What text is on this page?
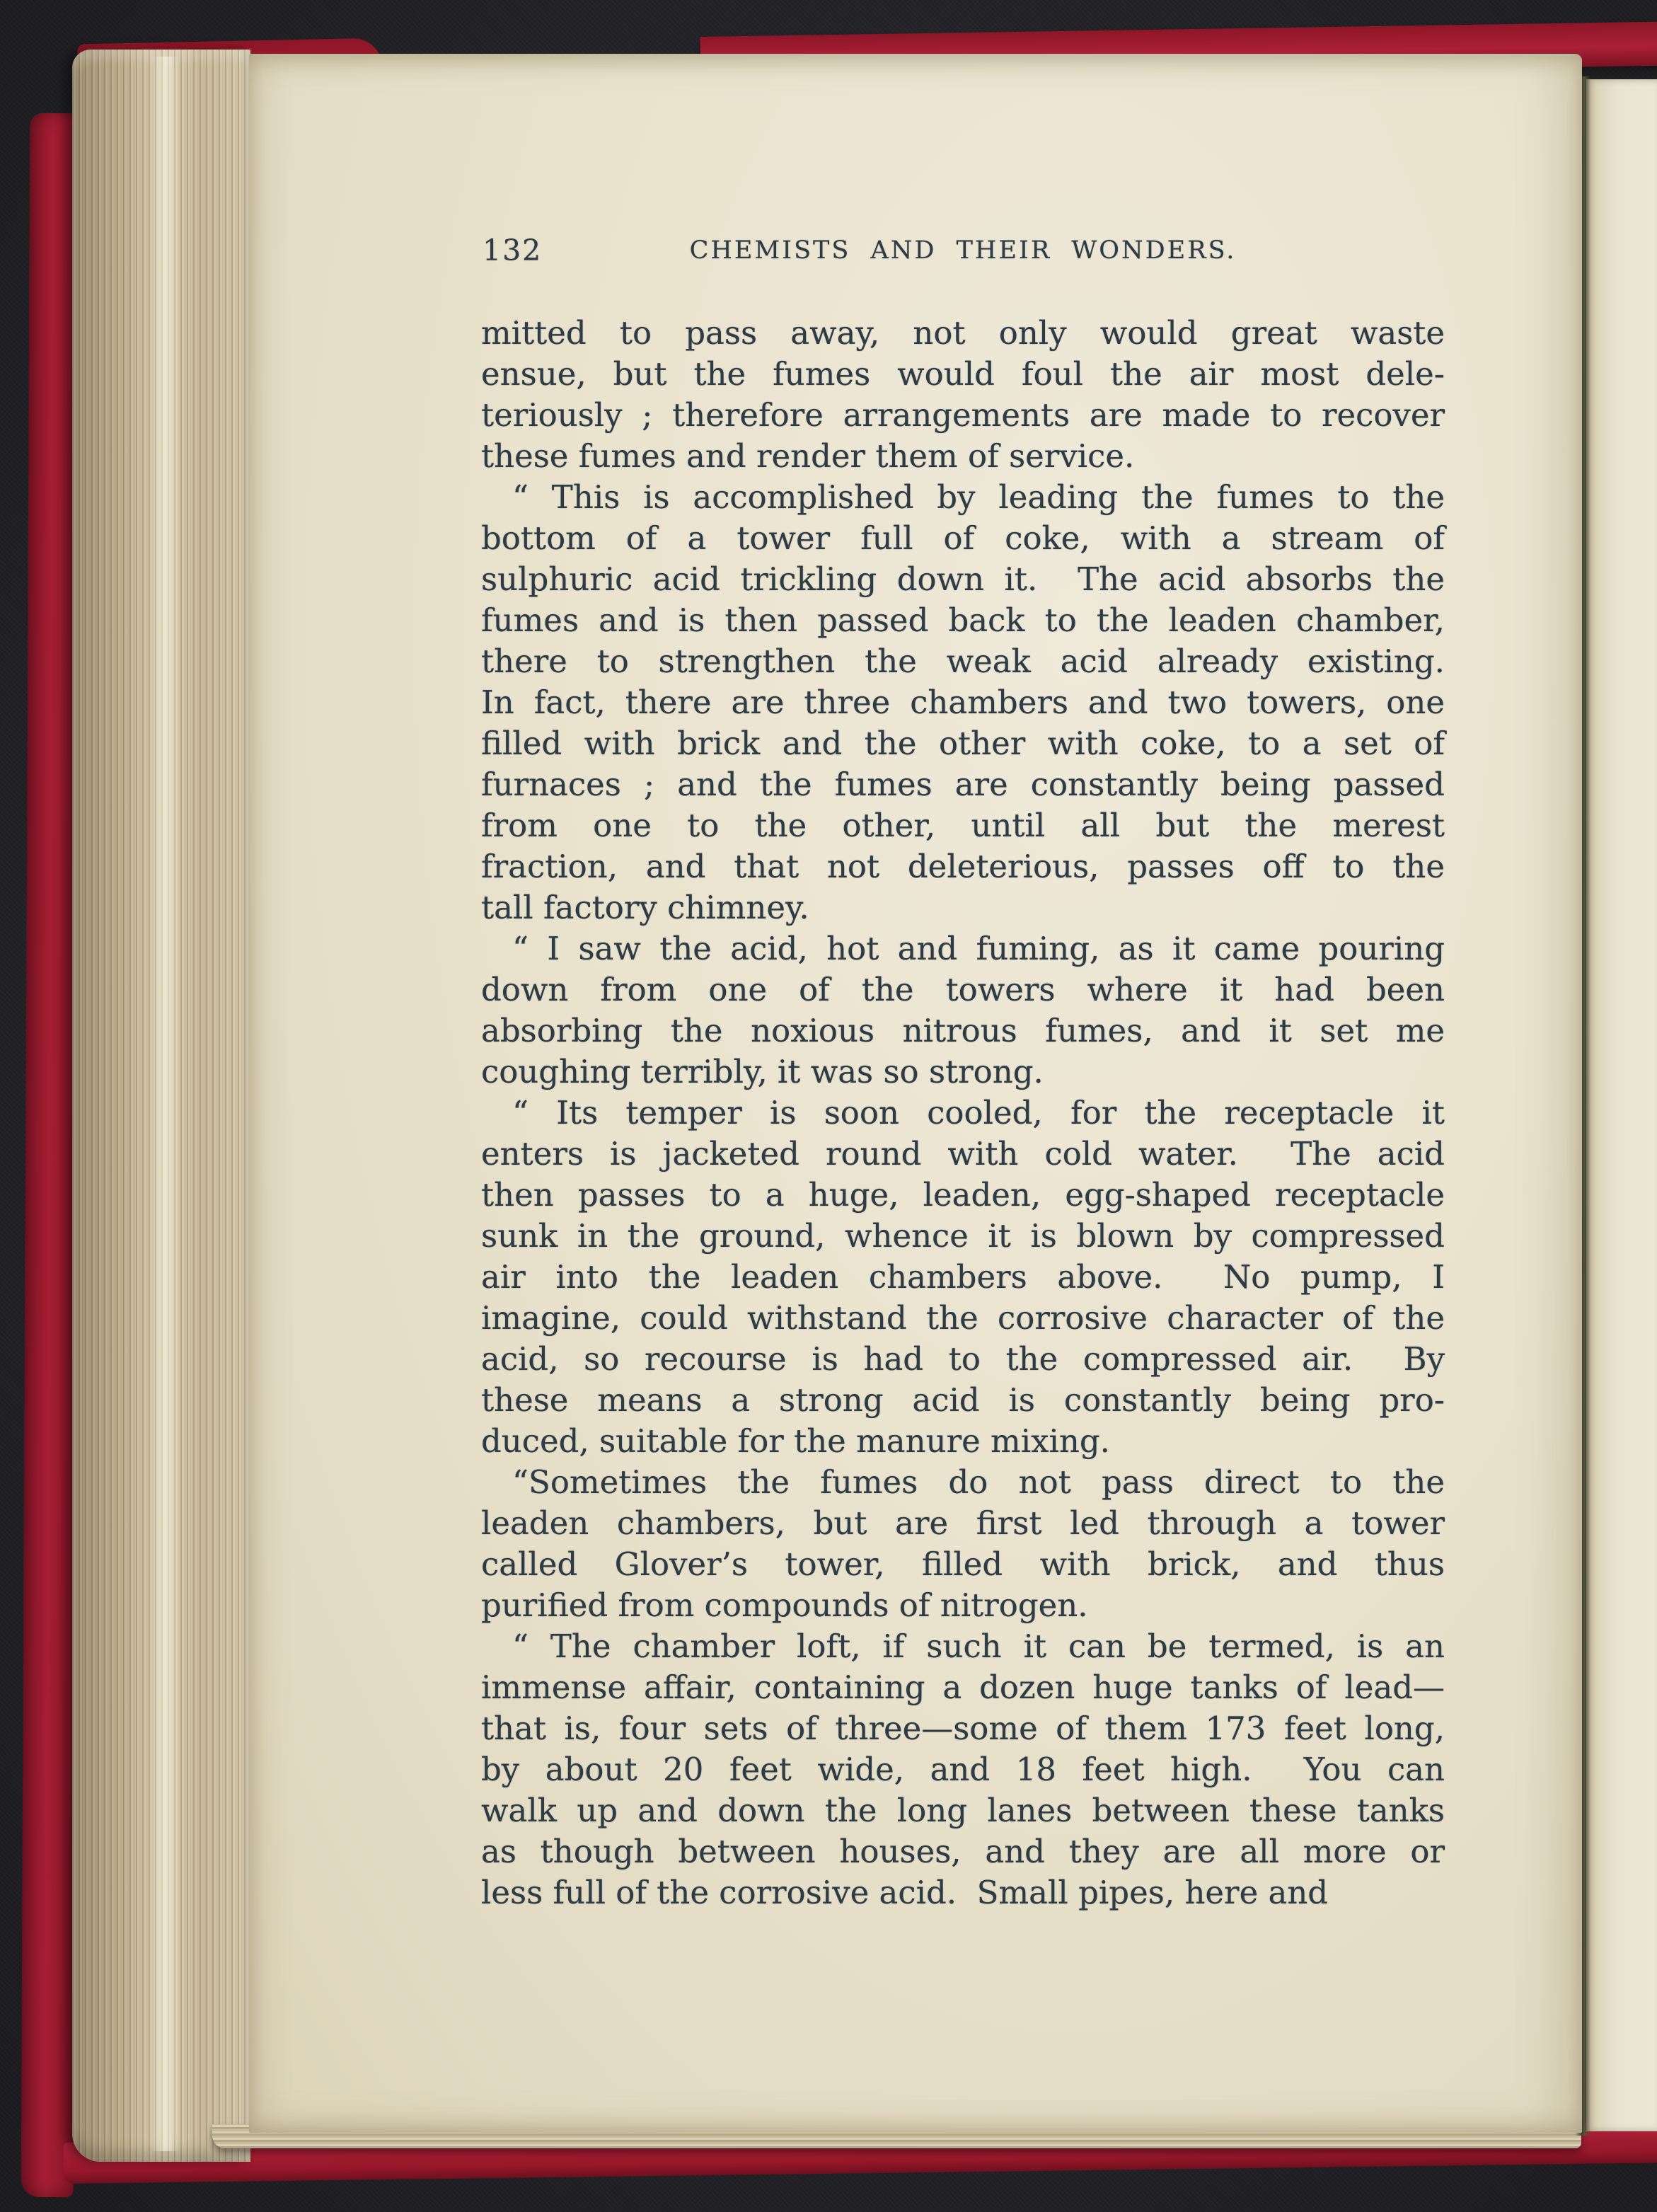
132	CHEMISTS AND THEIR WONDERS.
mitted to pass away, not only would great waste
ensue, but the fumes would foul the air most dele-
teriously ; therefore arrangements are made to recover
these fumes and render them of service.
“ This is accomplished by leading the fumes to the
bottom of a tower full of coke, with a stream of
sulphuric acid trickling down it.  The acid absorbs the
fumes and is then passed back to the leaden chamber,
there to strengthen the weak acid already existing.
In fact, there are three chambers and two towers, one
filled with brick and the other with coke, to a set of
furnaces ; and the fumes are constantly being passed
from one to the other, until all but the merest
fraction, and that not deleterious, passes off to the
tall factory chimney.
“ I saw the acid, hot and fuming, as it came pouring
down from one of the towers where it had been
absorbing the noxious nitrous fumes, and it set me
coughing terribly, it was so strong.
“ Its temper is soon cooled, for the receptacle it
enters is jacketed round with cold water.  The acid
then passes to a huge, leaden, egg-shaped receptacle
sunk in the ground, whence it is blown by compressed
air into the leaden chambers above.  No pump, I
imagine, could withstand the corrosive character of the
acid, so recourse is had to the compressed air.  By
these means a strong acid is constantly being pro-
duced, suitable for the manure mixing.
“Sometimes the fumes do not pass direct to the
leaden chambers, but are first led through a tower
called Glover’s tower, filled with brick, and thus
purified from compounds of nitrogen.
“ The chamber loft, if such it can be termed, is an
immense affair, containing a dozen huge tanks of lead—
that is, four sets of three—some of them 173 feet long,
by about 20 feet wide, and 18 feet high.  You can
walk up and down the long lanes between these tanks
as though between houses, and they are all more or
less full of the corrosive acid.  Small pipes, here and
